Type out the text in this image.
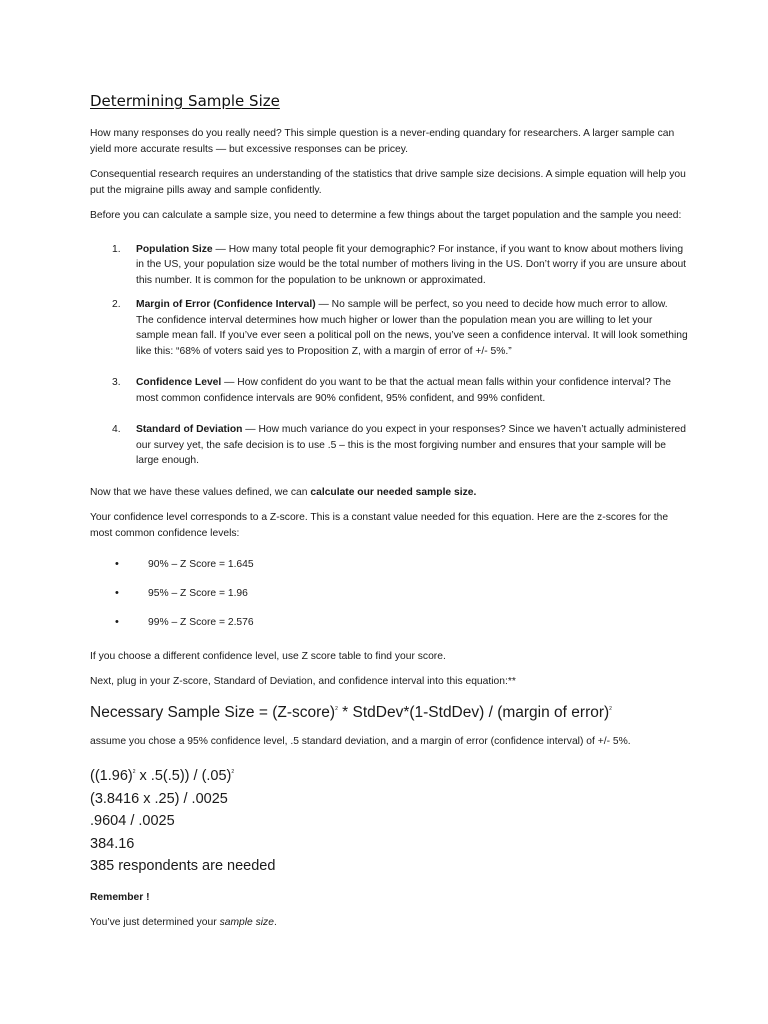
Determining Sample Size

How many responses do you really need? This simple question is a never-ending quandary for researchers. A larger sample can yield more accurate results — but excessive responses can be pricey.

Consequential research requires an understanding of the statistics that drive sample size decisions. A simple equation will help you put the migraine pills away and sample confidently.

Before you can calculate a sample size, you need to determine a few things about the target population and the sample you need:

1. Population Size — How many total people fit your demographic? For instance, if you want to know about mothers living in the US, your population size would be the total number of mothers living in the US. Don’t worry if you are unsure about this number. It is common for the population to be unknown or approximated.
2. Margin of Error (Confidence Interval) — No sample will be perfect, so you need to decide how much error to allow. The confidence interval determines how much higher or lower than the population mean you are willing to let your sample mean fall. If you’ve ever seen a political poll on the news, you’ve seen a confidence interval. It will look something like this: “68% of voters said yes to Proposition Z, with a margin of error of +/- 5%.”
3. Confidence Level — How confident do you want to be that the actual mean falls within your confidence interval? The most common confidence intervals are 90% confident, 95% confident, and 99% confident.
4. Standard of Deviation — How much variance do you expect in your responses? Since we haven’t actually administered our survey yet, the safe decision is to use .5 – this is the most forgiving number and ensures that your sample will be large enough.

Now that we have these values defined, we can calculate our needed sample size.

Your confidence level corresponds to a Z-score. This is a constant value needed for this equation. Here are the z-scores for the most common confidence levels:

•	90% – Z Score = 1.645
•	95% – Z Score = 1.96
•	99% – Z Score = 2.576

If you choose a different confidence level, use Z score table to find your score.

Next, plug in your Z-score, Standard of Deviation, and confidence interval into this equation:**

Necessary Sample Size = (Z-score)$^2$ * StdDev*(1-StdDev) / (margin of error)$^2$

assume you chose a 95% confidence level, .5 standard deviation, and a margin of error (confidence interval) of +/- 5%.

($(1.96)^2$ x $.5(.5)) / (.05)^2$
(3.8416 x .25) / .0025
.9604 / .0025
384.16
385 respondents are needed

Remember !

You’ve just determined your sample size.
